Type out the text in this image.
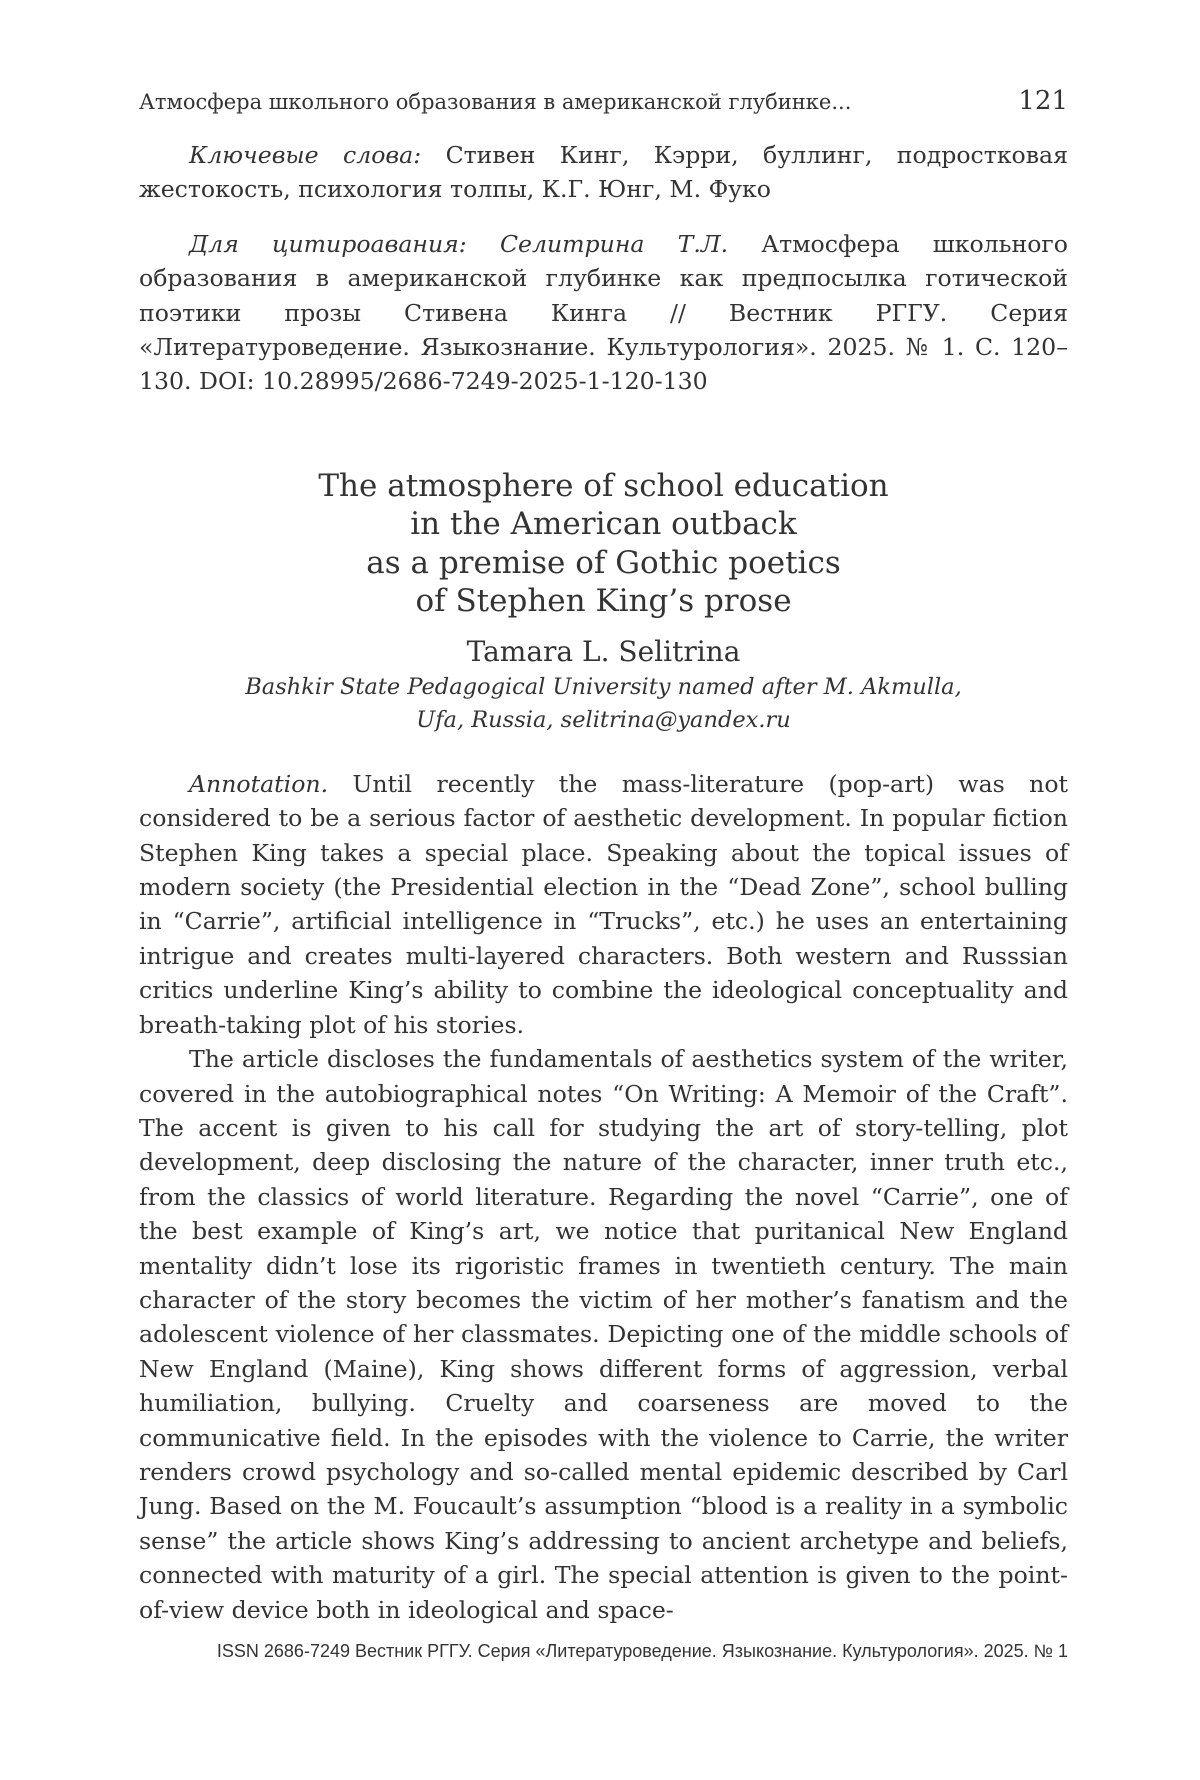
Атмосфера школьного образования в американской глубинке...	121

Ключевые слова: Стивен Кинг, Кэрри, буллинг, подростковая жестокость, психология толпы, К.Г. Юнг, М. Фуко

Для цитироавания: Селитрина Т.Л. Атмосфера школьного образования в американской глубинке как предпосылка готической поэтики прозы Стивена Кинга // Вестник РГГУ. Серия «Литературоведение. Языкознание. Культурология». 2025. № 1. С. 120–130. DOI: 10.28995/2686-7249-2025-1-120-130

The atmosphere of school education
in the American outback
as a premise of Gothic poetics
of Stephen King’s prose
Tamara L. Selitrina
Bashkir State Pedagogical University named after M. Akmulla,
Ufa, Russia, selitrina@yandex.ru

Annotation. Until recently the mass-literature (pop-art) was not considered to be a serious factor of aesthetic development. In popular fiction Stephen King takes a special place. Speaking about the topical issues of modern society (the Presidential election in the “Dead Zone”, school bulling in “Carrie”, artificial intelligence in “Trucks”, etc.) he uses an entertaining intrigue and creates multi-layered characters. Both western and Russsian critics underline King’s ability to combine the ideological conceptuality and breath-taking plot of his stories.

The article discloses the fundamentals of aesthetics system of the writer, covered in the autobiographical notes “On Writing: A Memoir of the Craft”. The accent is given to his call for studying the art of story-telling, plot development, deep disclosing the nature of the character, inner truth etc., from the classics of world literature. Regarding the novel “Carrie”, one of the best example of King’s art, we notice that puritanical New England mentality didn’t lose its rigoristic frames in twentieth century. The main character of the story becomes the victim of her mother’s fanatism and the adolescent violence of her classmates. Depicting one of the middle schools of New England (Maine), King shows different forms of aggression, verbal humiliation, bullying. Cruelty and coarseness are moved to the communicative field. In the episodes with the violence to Carrie, the writer renders crowd psychology and so-called mental epidemic described by Carl Jung. Based on the M. Foucault’s assumption “blood is a reality in a symbolic sense” the article shows King’s addressing to ancient archetype and beliefs, connected with maturity of a girl. The special attention is given to the point-of-view device both in ideological and space-

ISSN 2686-7249 Вестник РГГУ. Серия «Литературоведение. Языкознание. Культурология». 2025. № 1
